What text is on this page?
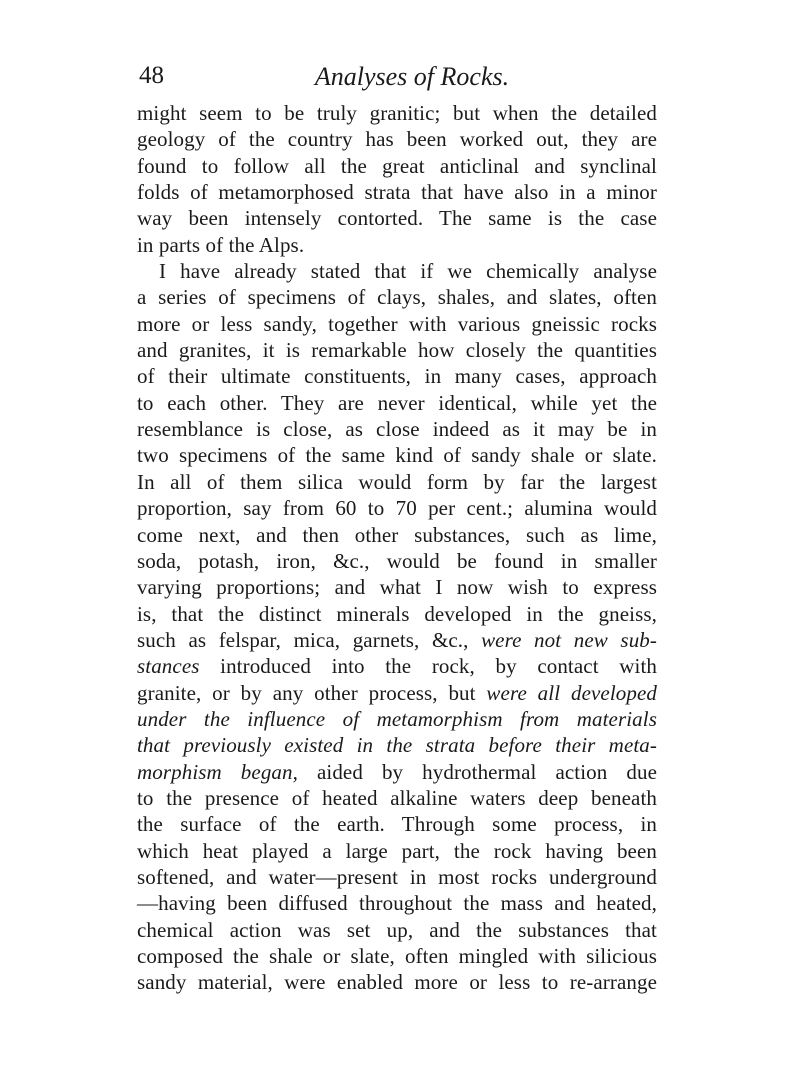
48	Analyses of Rocks.
might seem to be truly granitic; but when the detailed
geology of the country has been worked out, they are
found to follow all the great anticlinal and synclinal
folds of metamorphosed strata that have also in a minor
way been intensely contorted. The same is the case
in parts of the Alps.
I have already stated that if we chemically analyse
a series of specimens of clays, shales, and slates, often
more or less sandy, together with various gneissic rocks
and granites, it is remarkable how closely the quantities
of their ultimate constituents, in many cases, approach
to each other. They are never identical, while yet the
resemblance is close, as close indeed as it may be in
two specimens of the same kind of sandy shale or slate.
In all of them silica would form by far the largest
proportion, say from 60 to 70 per cent.; alumina would
come next, and then other substances, such as lime,
soda, potash, iron, &c., would be found in smaller
varying proportions; and what I now wish to express
is, that the distinct minerals developed in the gneiss,
such as felspar, mica, garnets, &c., were not new sub-
stances introduced into the rock, by contact with
granite, or by any other process, but were all developed
under the influence of metamorphism from materials
that previously existed in the strata before their meta-
morphism began, aided by hydrothermal action due
to the presence of heated alkaline waters deep beneath
the surface of the earth. Through some process, in
which heat played a large part, the rock having been
softened, and water—present in most rocks underground
—having been diffused throughout the mass and heated,
chemical action was set up, and the substances that
composed the shale or slate, often mingled with silicious
sandy material, were enabled more or less to re-arrange
